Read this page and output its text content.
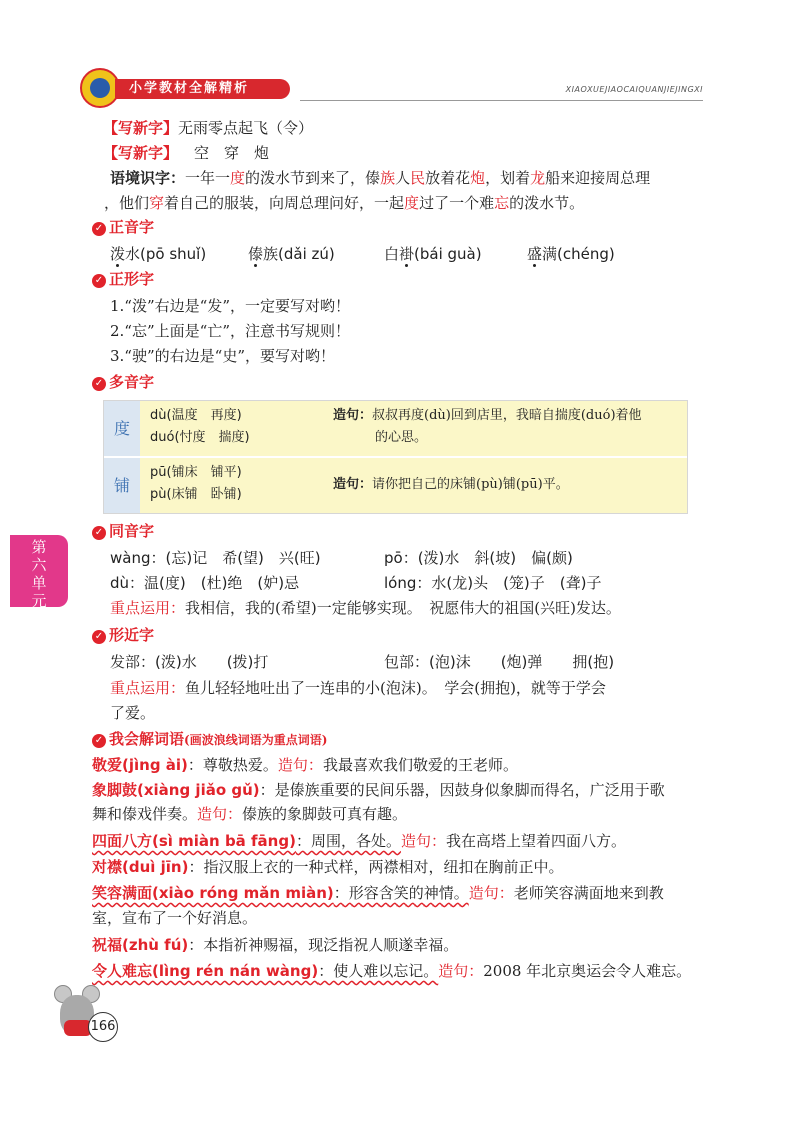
小学教材全解精析	XIAOXUEJIAOCAIQUANJIEJINGXI
【写新字】无雨零点起飞（令）
【写新字】 空　穿　炮
语境识字：一年一度的泼水节到来了，傣族人民放着花炮，划着龙船来迎接周总理
，他们穿着自己的服装，向周总理问好，一起度过了一个难忘的泼水节。
✓ 正音字
泼水(pō shuǐ)	傣族(dǎi zú)	白褂(bái guà)	盛满(chéng)
✓ 正形字
1.“泼”右边是“发”，一定要写对哟！
2.“忘”上面是“亡”，注意书写规则！
3.“驶”的右边是“史”，要写对哟！
✓ 多音字
度
dù(温度　再度)
duó(忖度　揣度)
造句：叔叔再度(dù)回到店里，我暗自揣度(duó)着他
的心思。
铺
pū(铺床　铺平)
pù(床铺　卧铺)
造句：请你把自己的床铺(pù)铺(pū)平。
✓ 同音字
wàng：(忘)记　希(望)　兴(旺)	pō：(泼)水　斜(坡)　偏(颇)
dù：温(度)　(杜)绝　(妒)忌	lóng：水(龙)头　(笼)子　(聋)子
重点运用：我相信，我的(希望)一定能够实现。　祝愿伟大的祖国(兴旺)发达。
✓ 形近字
发部：(泼)水　　(拨)打	包部：(泡)沫　　(炮)弹　　拥(抱)
重点运用：鱼儿轻轻地吐出了一连串的小(泡沫)。　学会(拥抱)，就等于学会
了爱。
✓ 我会解词语(画波浪线词语为重点词语)
敬爱(jìng ài)：尊敬热爱。造句：我最喜欢我们敬爱的王老师。
象脚鼓(xiàng jiǎo gǔ)：是傣族重要的民间乐器，因鼓身似象脚而得名，广泛用于歌
舞和傣戏伴奏。造句：傣族的象脚鼓可真有趣。
四面八方(sì miàn bā fāng)：周围，各处。造句：我在高塔上望着四面八方。
对襟(duì jīn)：指汉服上衣的一种式样，两襟相对，纽扣在胸前正中。
笑容满面(xiào róng mǎn miàn)：形容含笑的神情。造句：老师笑容满面地来到教
室，宣布了一个好消息。
祝福(zhù fú)：本指祈神赐福，现泛指祝人顺遂幸福。
令人难忘(lìng rén nán wàng)：使人难以忘记。造句：2008 年北京奥运会令人难忘。
第
六
单
元
166
